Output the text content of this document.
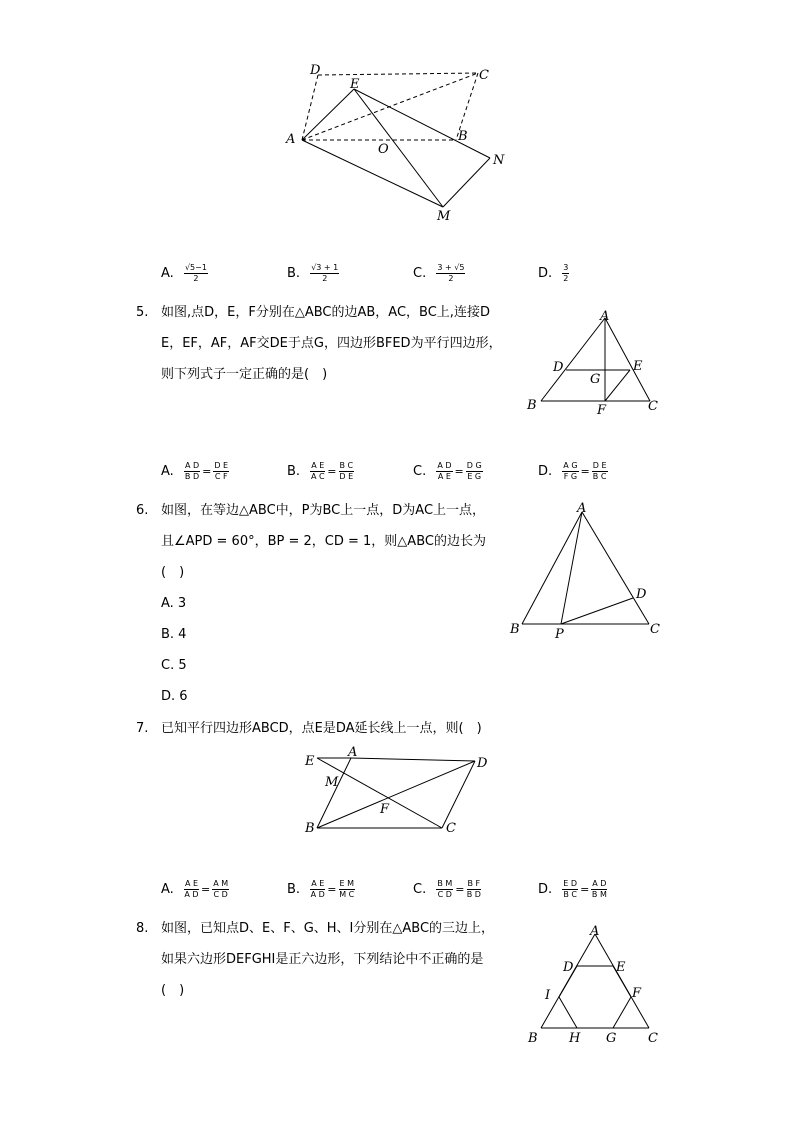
D
E
C
A
O
B
N
M
A. $\frac{√5-1}{2}$	B. $\frac{√3 + 1}{2}$	C. $\frac{3 + √5}{2}$	D. $\frac{3}{2}$
5. 如图,点D，E，F分别在△ABC的边AB，AC，BC上,连接D
E，EF，AF，AF交DE于点G，四边形BFED为平行四边形，
则下列式子一定正确的是(　)
A
D	E
G
B	F	C
A. $\frac{\text{A D}}{\text{B D}} = \frac{\text{D E}}{\text{C F}}$	B. $\frac{\text{A E}}{\text{A C}} = \frac{\text{B C}}{\text{D E}}$	C. $\frac{\text{A D}}{\text{A E}} = \frac{\text{D G}}{\text{E G}}$	D. $\frac{\text{A G}}{\text{F G}} = \frac{\text{D E}}{\text{B C}}$
6. 如图，在等边△ABC中，P为BC上一点，D为AC上一点，
且∠APD = 60°，BP = 2，CD = 1，则△ABC的边长为
(　)
A. 3
B. 4
C. 5
D. 6
A
D
B	P	C
7. 已知平行四边形ABCD，点E是DA延长线上一点，则(　)
E
A
D
M
F
B	C
A. $\frac{\text{A E}}{\text{A D}} = \frac{\text{A M}}{\text{C D}}$	B. $\frac{\text{A E}}{\text{A D}} = \frac{\text{E M}}{\text{M C}}$	C. $\frac{\text{B M}}{\text{C D}} = \frac{\text{B F}}{\text{B D}}$	D. $\frac{\text{E D}}{\text{B C}} = \frac{\text{A D}}{\text{B M}}$
8. 如图，已知点D、E、F、G、H、I分别在△ABC的三边上，
如果六边形DEFGHI是正六边形，下列结论中不正确的是
(　)
A
D	E
I	F
B H G C
